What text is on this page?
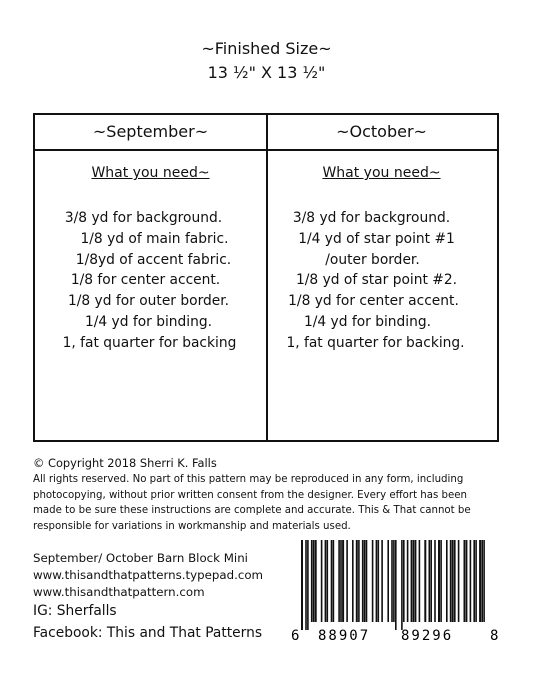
~Finished Size~
13 ½" X 13 ½"
~September~
What you need~
3/8 yd for background.
1/8 yd of main fabric.
1/8yd of accent fabric.
1/8 for center accent.
1/8 yd for outer border.
1/4 yd for binding.
1, fat quarter for backing
~October~
What you need~
3/8 yd for background.
1/4 yd of star point #1
/outer border.
1/8 yd of star point #2.
1/8 yd for center accent.
1/4 yd for binding.
1, fat quarter for backing.
© Copyright 2018 Sherri K. Falls
All rights reserved. No part of this pattern may be reproduced in any form, including
photocopying, without prior written consent from the designer. Every effort has been
made to be sure these instructions are complete and accurate. This & That cannot be
responsible for variations in workmanship and materials used.
September/ October Barn Block Mini
www.thisandthatpatterns.typepad.com
www.thisandthatpattern.com
IG: Sherfalls
Facebook: This and That Patterns 6 88907 89296	8
